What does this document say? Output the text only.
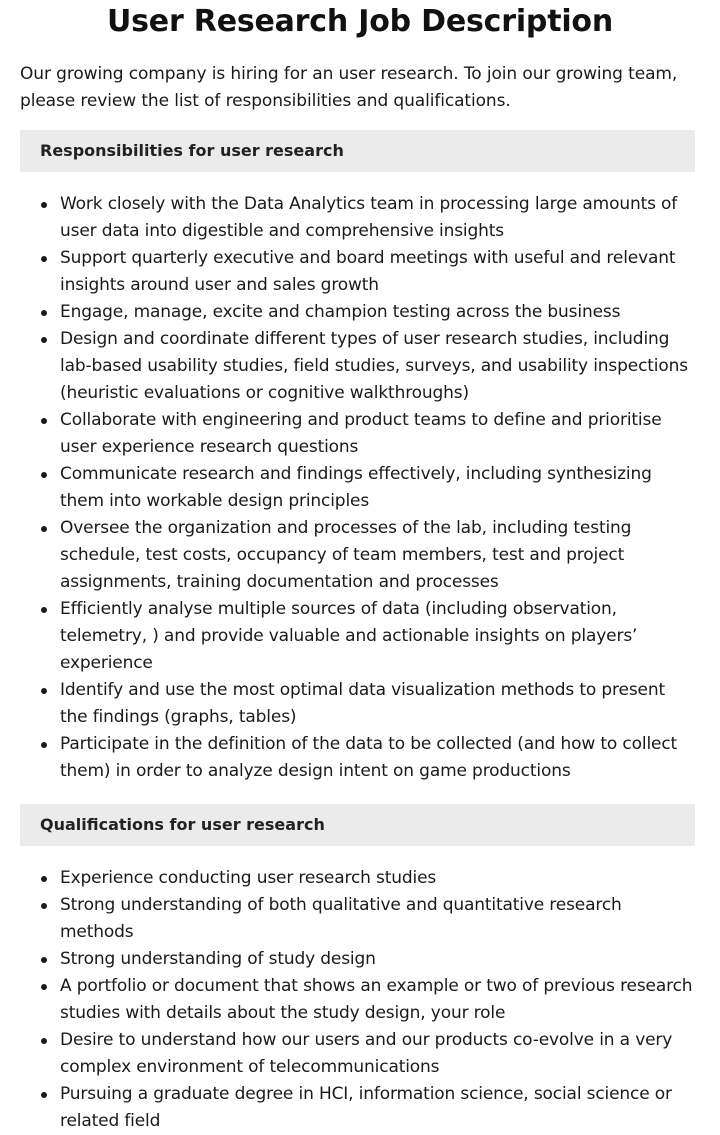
User Research Job Description

Our growing company is hiring for an user research. To join our growing team, please review the list of responsibilities and qualifications.

Responsibilities for user research
Work closely with the Data Analytics team in processing large amounts of user data into digestible and comprehensive insights
Support quarterly executive and board meetings with useful and relevant insights around user and sales growth
Engage, manage, excite and champion testing across the business
Design and coordinate different types of user research studies, including lab-based usability studies, field studies, surveys, and usability inspections (heuristic evaluations or cognitive walkthroughs)
Collaborate with engineering and product teams to define and prioritise user experience research questions
Communicate research and findings effectively, including synthesizing them into workable design principles
Oversee the organization and processes of the lab, including testing schedule, test costs, occupancy of team members, test and project assignments, training documentation and processes
Efficiently analyse multiple sources of data (including observation, telemetry, ) and provide valuable and actionable insights on players’ experience
Identify and use the most optimal data visualization methods to present the findings (graphs, tables)
Participate in the definition of the data to be collected (and how to collect them) in order to analyze design intent on game productions
Qualifications for user research
Experience conducting user research studies
Strong understanding of both qualitative and quantitative research methods
Strong understanding of study design
A portfolio or document that shows an example or two of previous research studies with details about the study design, your role
Desire to understand how our users and our products co-evolve in a very complex environment of telecommunications
Pursuing a graduate degree in HCI, information science, social science or related field
